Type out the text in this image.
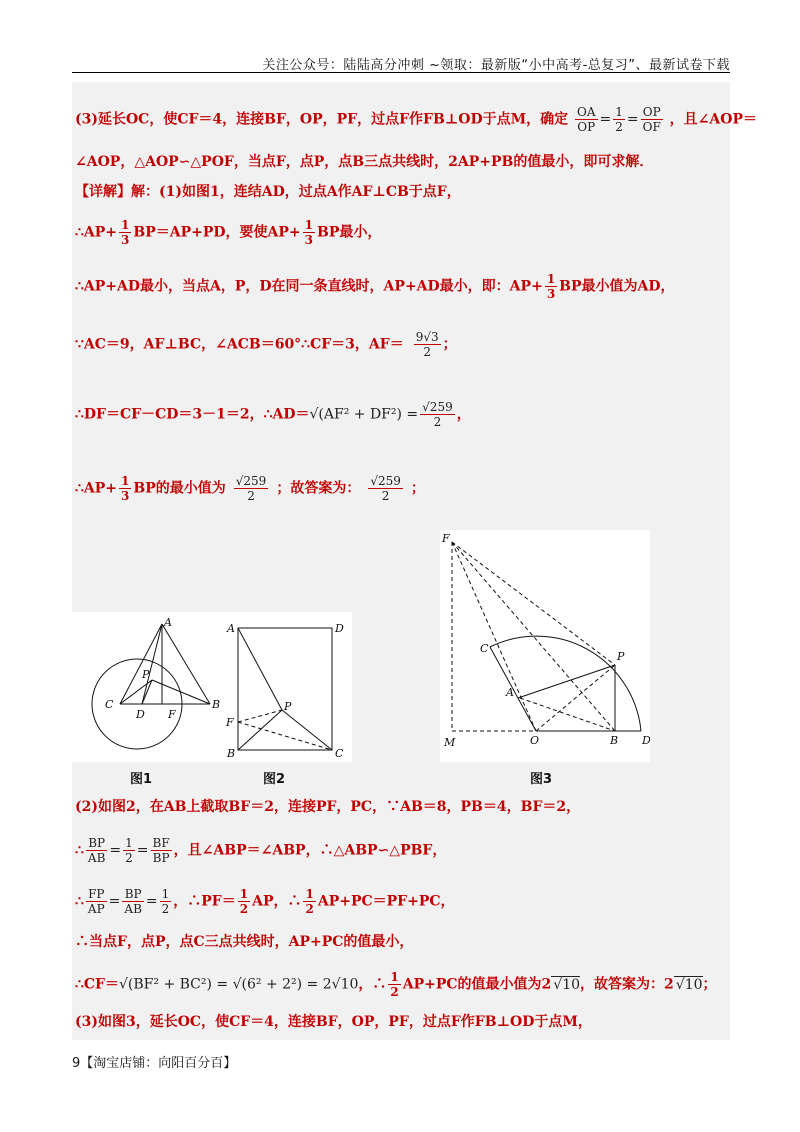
关注公众号：陆陆高分冲刺 ~领取：最新版“小中高考-总复习”、最新试卷下载
(3)延长OC，使CF＝4，连接BF，OP，PF，过点F作FB⊥OD于点M，确定 $\frac{OA}{OP} = \frac{1}{2} = \frac{OP}{OF}$ ，且∠AOP＝
∠AOP，△AOP∽△POF，当点F，点P，点B三点共线时，2AP+PB的值最小，即可求解．
【详解】解：(1)如图1，连结AD，过点A作AF⊥CB于点F，
∴AP+ $\frac{1}{3} BP=AP+PD$，要使$AP+ \frac{1}{3}$ BP最小，
∴AP+AD最小，当点A，P，D在同一条直线时，AP+AD最小，即：$AP+ \frac{1}{3}$ BP最小值为AD，
∵AC＝9，AF⊥BC，∠ACB＝60°∴CF＝3，$AF= \frac{9√3}{2}$ ；
∴DF＝CF－CD＝3－1＝2，∴AD＝√(AF² + $DF^2) = \frac{√259}{2}$ ，
∴AP+ $\frac{1}{3}$ BP的最小值为 $\frac{√259}{2}$ ；故答案为： $\frac{√259}{2}$ ；
A
P
C
D F
B
图1
A	D
F
P
B	C
图2
F
C
P
A
O	B D
M
图3
(2)如图2，在AB上截取BF＝2，连接PF，PC，∵AB＝8，PB＝4，BF＝2，
∴ $\frac{BP}{AB} = \frac{1}{2} = \frac{BF}{BP}$ ，且∠ABP＝∠ABP，∴△ABP∽△PBF，
∴ $\frac{FP}{AP} = \frac{BP}{AB} = \frac{1}{2}$ ，∴PF＝ $\frac{1}{2}$ AP，∴ $\frac{1}{2} AP+PC=PF+PC$，
∴当点F，点P，点C三点共线时，AP+PC的值最小，
∴CF＝√(BF² + BC²) = √(6² + 2²) = 2√10，∴ $\frac{1}{2} AP+PC$的值最小值为2 √10，故答案为：2 √10；
(3)如图3，延长OC，使CF＝4，连接BF，OP，PF，过点F作FB⊥OD于点M，
9【淘宝店铺：向阳百分百】
